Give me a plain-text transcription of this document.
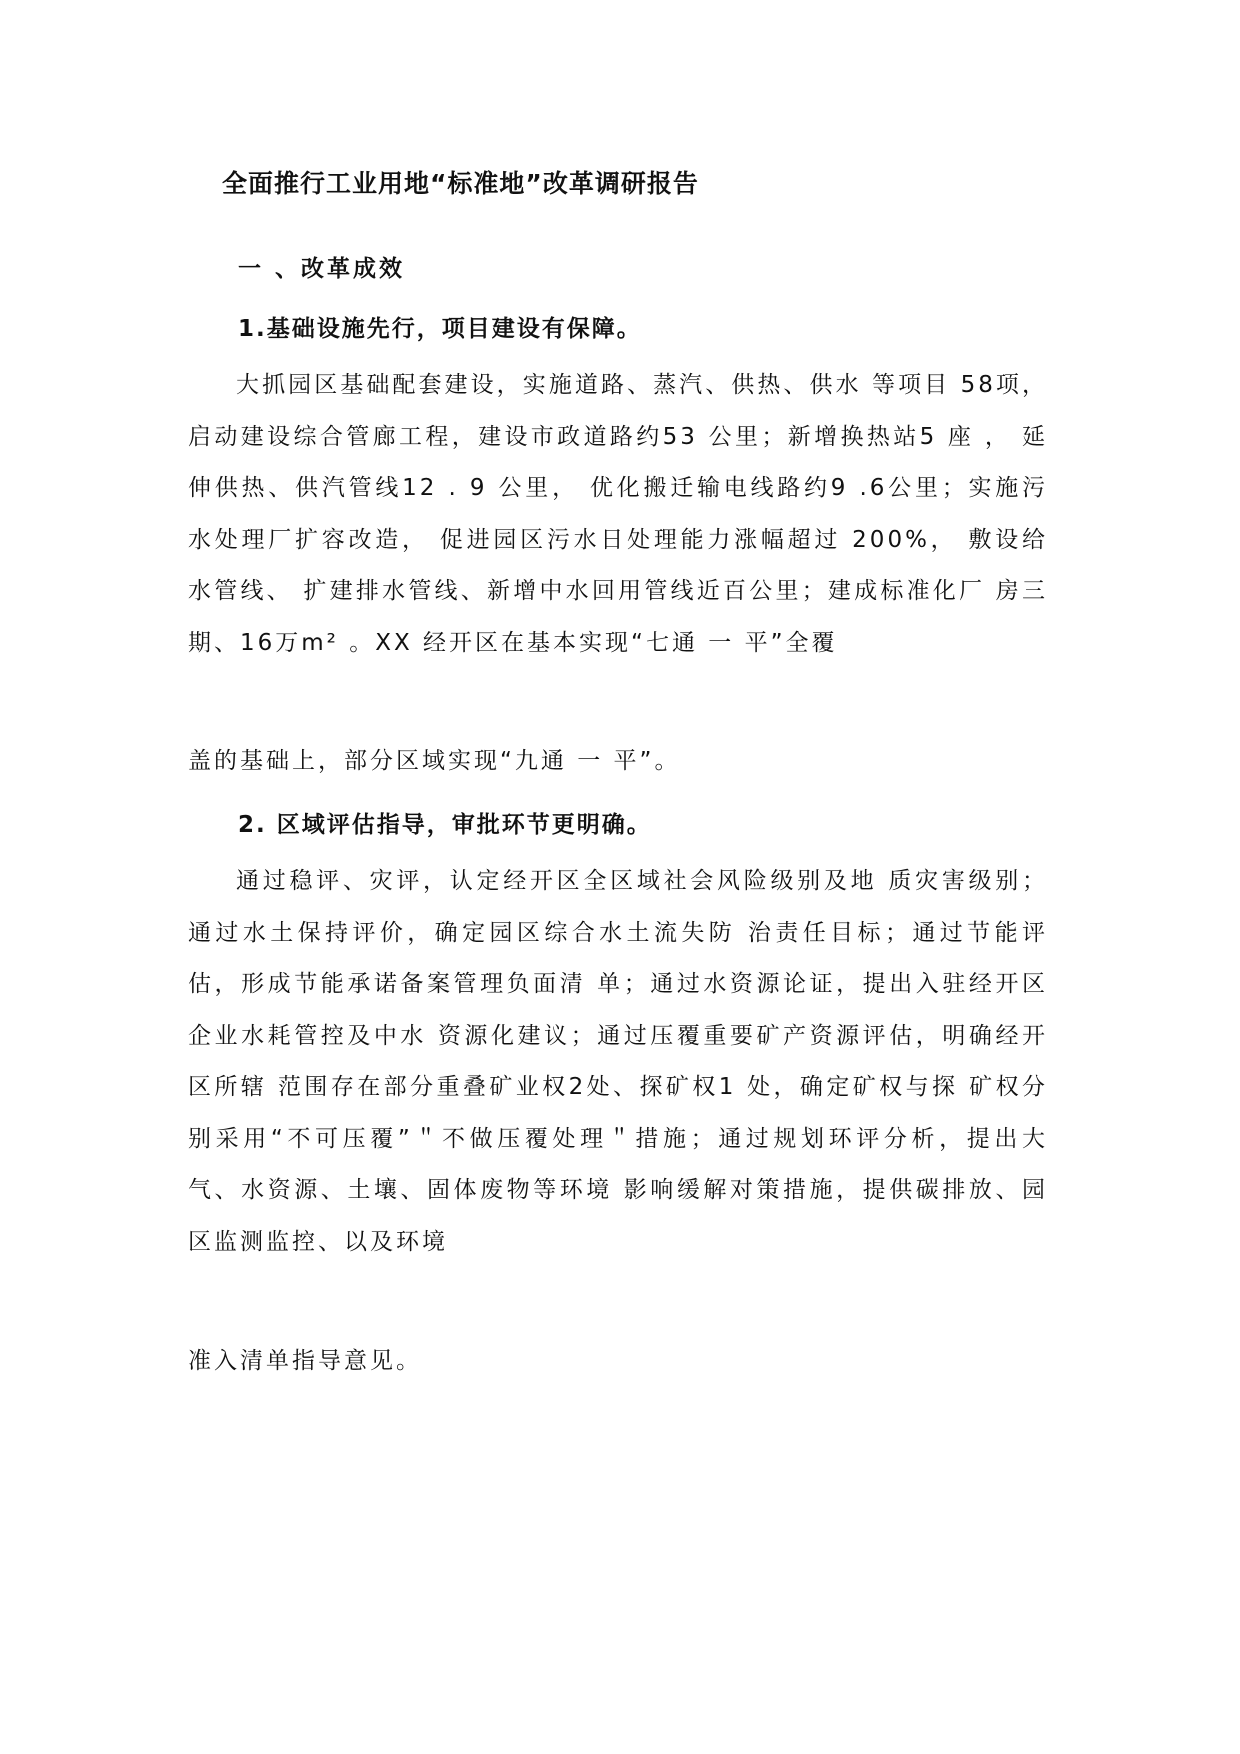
全面推行工业用地“标准地”改革调研报告
一 、改革成效
1.基础设施先行，项目建设有保障。

大抓园区基础配套建设，实施道路、蒸汽、供热、供水 等项目 58项，启动建设综合管廊工程，建设市政道路约53 公里；新增换热站5 座 ， 延伸供热、供汽管线12 . 9 公里， 优化搬迁输电线路约9 .6公里；实施污水处理厂扩容改造， 促进园区污水日处理能力涨幅超过 200%， 敷设给水管线、 扩建排水管线、新增中水回用管线近百公里；建成标准化厂 房三期、16万m² 。XX 经开区在基本实现“七通 一 平”全覆

盖的基础上，部分区域实现“九通 一 平”。

2. 区域评估指导，审批环节更明确。

通过稳评、灾评，认定经开区全区域社会风险级别及地 质灾害级别；通过水土保持评价，确定园区综合水土流失防 治责任目标；通过节能评估，形成节能承诺备案管理负面清 单；通过水资源论证，提出入驻经开区企业水耗管控及中水 资源化建议；通过压覆重要矿产资源评估，明确经开区所辖 范围存在部分重叠矿业权2处、探矿权1 处，确定矿权与探 矿权分别采用“不可压覆”＂不做压覆处理＂措施；通过规划环评分析，提出大气、水资源、土壤、固体废物等环境 影响缓解对策措施，提供碳排放、园区监测监控、以及环境

准入清单指导意见。
